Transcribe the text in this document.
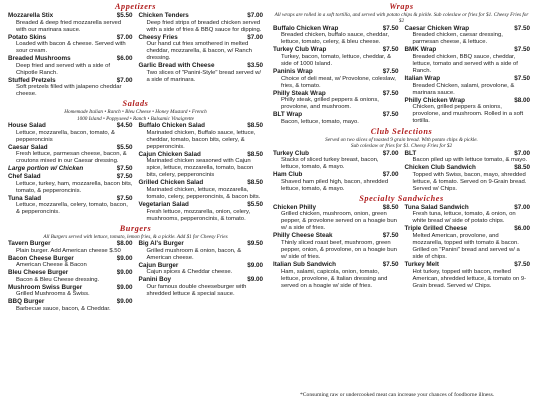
Appetizers
Mozzarella Stix	$5.50
Breaded & deep fried mozzarella served with our marinara sauce.
Potato Skins	$7.00
Loaded with bacon & cheese. Served with sour cream.
Breaded Mushrooms	$6.00
Deep fried and served with a side of Chipotle Ranch.
Stuffed Pretzels	$7.00
Soft pretzels filled with jalapeno cheddar cheese.
Chicken Tenders	$7.00
Deep fried strips of breaded chicken served with a side of fries & BBQ sauce for dipping.
Cheesy Fries	$7.00
Our hand cut fries smothered in melted cheddar, mozzarella, & bacon, w/ Ranch dressing.
Garlic Bread with Cheese	$3.50
Two slices of "Panini-Style" bread served w/ a side of marinara.
Salads
Homemade Italian • Ranch • Bleu Cheese • Honey Mustard • French
1000 Island • Poppyseed • Ranch • Balsamic Vinaigrette
House Salad	$4.50
Lettuce, mozzarella, bacon, tomato, & pepperoncinis
Caesar Salad	$5.50
Fresh lettuce, parmesan cheese, bacon, & croutons mixed in our Caesar dressing.
Large portion w/ Chicken	$7.50
Chef Salad	$7.50
Lettuce, turkey, ham, mozzarella, bacon bits, tomato, & pepperoncinis.
Tuna Salad	$7.50
Lettuce, mozzarella, celery, tomato, bacon, & pepperoncinis.
Buffalo Chicken Salad	$8.50
Marinated chicken, Buffalo sauce, lettuce, cheddar, tomato, bacon bits, celery, & pepperoncinis.
Cajun Chicken Salad	$8.50
Marinated chicken seasoned with Cajun spice, lettuce, mozzarella, tomato, bacon bits, celery, pepperoncinis
Grilled Chicken Salad	$8.50
Marinated chicken, lettuce, mozzarella, tomato, celery, pepperoncinis, & bacon bits.
Vegetarian Salad	$5.50
Fresh lettuce, mozzarella, onion, celery, mushrooms, pepperoncinis, & tomato.
Burgers
All Burgers served with lettuce, tomato, lemon fries, & a pickle. Add $1 for Cheesy Fries
Tavern Burger	$8.00
Plain burger. Add American cheese $.50
Bacon Cheese Burger	$9.00
American Cheese & Bacon
Bleu Cheese Burger	$9.00
Bacon & Bleu Cheese dressing.
Mushroom Swiss Burger	$9.00
Grilled Mushrooms & Swiss.
BBQ Burger	$9.00
Barbecue sauce, bacon, & Cheddar.
Big Al's Burger	$9.50
Grilled mushroom & onion, bacon, & American cheese.
Cajun Burger	$9.00
Cajun spices & Cheddar cheese.
Panini Boy	$9.00
Our famous double cheeseburger with shredded lettuce & special sauce.
Wraps
All wraps are rolled in a soft tortilla, and served with potato chips & pickle. Sub coleslaw or fries for $1. Cheesy Fries for $2
Buffalo Chicken Wrap	$7.50
Breaded chicken, buffalo sauce, cheddar, lettuce, tomato, celery, & bleu cheese.
Turkey Club Wrap	$7.50
Turkey, bacon, tomato, lettuce, cheddar, & side of 1000 Island.
Paninis Wrap	$7.50
Choice of deli meat, w/ Provolone, coleslaw, fries, & tomato.
Philly Steak Wrap	$7.50
Philly steak, grilled peppers & onions, provolone, and mushroom.
BLT Wrap	$7.50
Bacon, lettuce, tomato, mayo.
Caesar Chicken Wrap	$7.50
Breaded chicken, caesar dressing, parmesan cheese, & lettuce.
BMK Wrap	$7.50
Breaded chicken, BBQ sauce, cheddar, lettuce, tomato and served with a side of Ranch.
Italian Wrap	$7.50
Breaded Chicken, salami, provolone, & marinara sauce.
Philly Chicken Wrap	$8.00
Chicken, grilled peppers & onions, provolone, and mushroom. Rolled in a soft tortilla.
Club Selections
Served on two slices of toasted 9 grain bread. With potato chips & pickle.
Sub coleslaw or fries for $1. Cheesy Fries for $2
Turkey Club	$7.00
Stacks of sliced turkey breast, bacon, lettuce, tomato, & mayo.
Ham Club	$7.00
Shaved ham piled high, bacon, shredded lettuce, tomato, & mayo.
BLT	$7.00
Bacon piled up with lettuce tomato, & mayo.
Chicken Club Sandwich	$8.50
Topped with Swiss, bacon, mayo, shredded lettuce, & tomato. Served on 9-Grain bread. Served w/ Chips.
Specialty Sandwiches
Chicken Philly	$8.50
Grilled chicken, mushroom, onion, green pepper, & provolone served on a hoagie bun w/ a side of fries.
Philly Cheese Steak	$7.50
Thinly sliced roast beef, mushroom, green pepper, onion, & provolone, on a hoagie bun w/ side of fries.
Italian Sub Sandwich	$7.50
Ham, salami, capicola, onion, tomato, lettuce, provolone, & Italian dressing and served on a hoagie w/ side of fries.
Tuna Salad Sandwich	$7.00
Fresh tuna, lettuce, tomato, & onion, on white bread w/ side of potato chips.
Triple Grilled Cheese	$6.00
Melted American, provolone, and mozzarella, topped with tomato & bacon. Grilled on "Panini" bread and served w/ a side of chips.
Turkey Melt	$7.50
Hot turkey, topped with bacon, melted American, shredded lettuce, & tomato on 9-Grain bread. Served w/ Chips.
*Consuming raw or undercooked meat can increase your chances of foodborne illness.
